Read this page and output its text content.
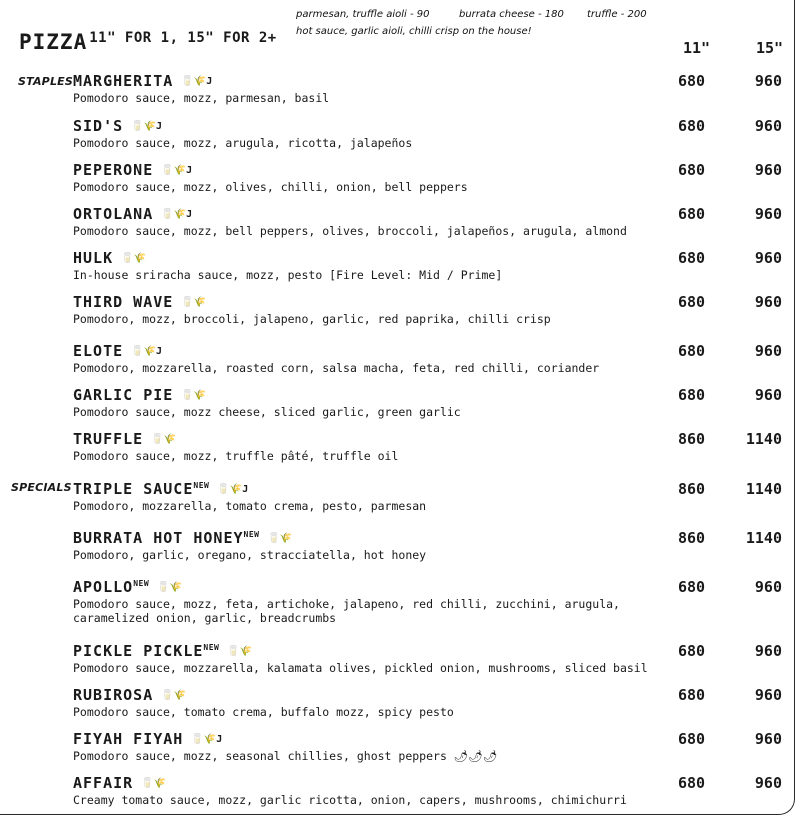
PIZZA $^{11" FOR 1, 15" FOR 2+}$
parmesan, truffle aioli - 90	burrata cheese - 180 truffle - 200
hot sauce, garlic aioli, chilli crisp on the house!
11"	15"
STAPLES
SPECIALS
MARGHERITA 🥛🌾J
Pomodoro sauce, mozz, parmesan, basil
680	960
SID'S 🥛🌾J
Pomodoro sauce, mozz, arugula, ricotta, jalapeños
680	960
PEPERONE 🥛🌾J
Pomodoro sauce, mozz, olives, chilli, onion, bell peppers
680	960
ORTOLANA 🥛🌾J
Pomodoro sauce, mozz, bell peppers, olives, broccoli, jalapeños, arugula, almond
680	960
HULK 🥛🌾
In-house sriracha sauce, mozz, pesto [Fire Level: Mid / Prime]
680	960
THIRD WAVE 🥛🌾
Pomodoro, mozz, broccoli, jalapeno, garlic, red paprika, chilli crisp
680	960
ELOTE 🥛🌾J
Pomodoro, mozzarella, roasted corn, salsa macha, feta, red chilli, coriander
680	960
GARLIC PIE 🥛🌾
Pomodoro sauce, mozz cheese, sliced garlic, green garlic
680	960
TRUFFLE 🥛🌾
Pomodoro sauce, mozz, truffle pâté, truffle oil
860	1140
TRIPLE $SAUCE^{NEW}$ 🥛🌾J
Pomodoro, mozzarella, tomato crema, pesto, parmesan
860	1140
BURRATA HOT $HONEY^{NEW}$ 🥛🌾
Pomodoro, garlic, oregano, stracciatella, hot honey
860	1140
$APOLLO^{NEW}$ 🥛🌾
Pomodoro sauce, mozz, feta, artichoke, jalapeno, red chilli, zucchini, arugula, caramelized onion, garlic, breadcrumbs
680	960
PICKLE $PICKLE^{NEW}$ 🥛🌾
Pomodoro sauce, mozzarella, kalamata olives, pickled onion, mushrooms, sliced basil
680	960
RUBIROSA 🥛🌾
Pomodoro sauce, tomato crema, buffalo mozz, spicy pesto
680	960
FIYAH FIYAH 🥛🌾J
Pomodoro sauce, mozz, seasonal chillies, ghost peppers 🌶🌶🌶
680	960
AFFAIR 🥛🌾
Creamy tomato sauce, mozz, garlic ricotta, onion, capers, mushrooms, chimichurri
680	960
